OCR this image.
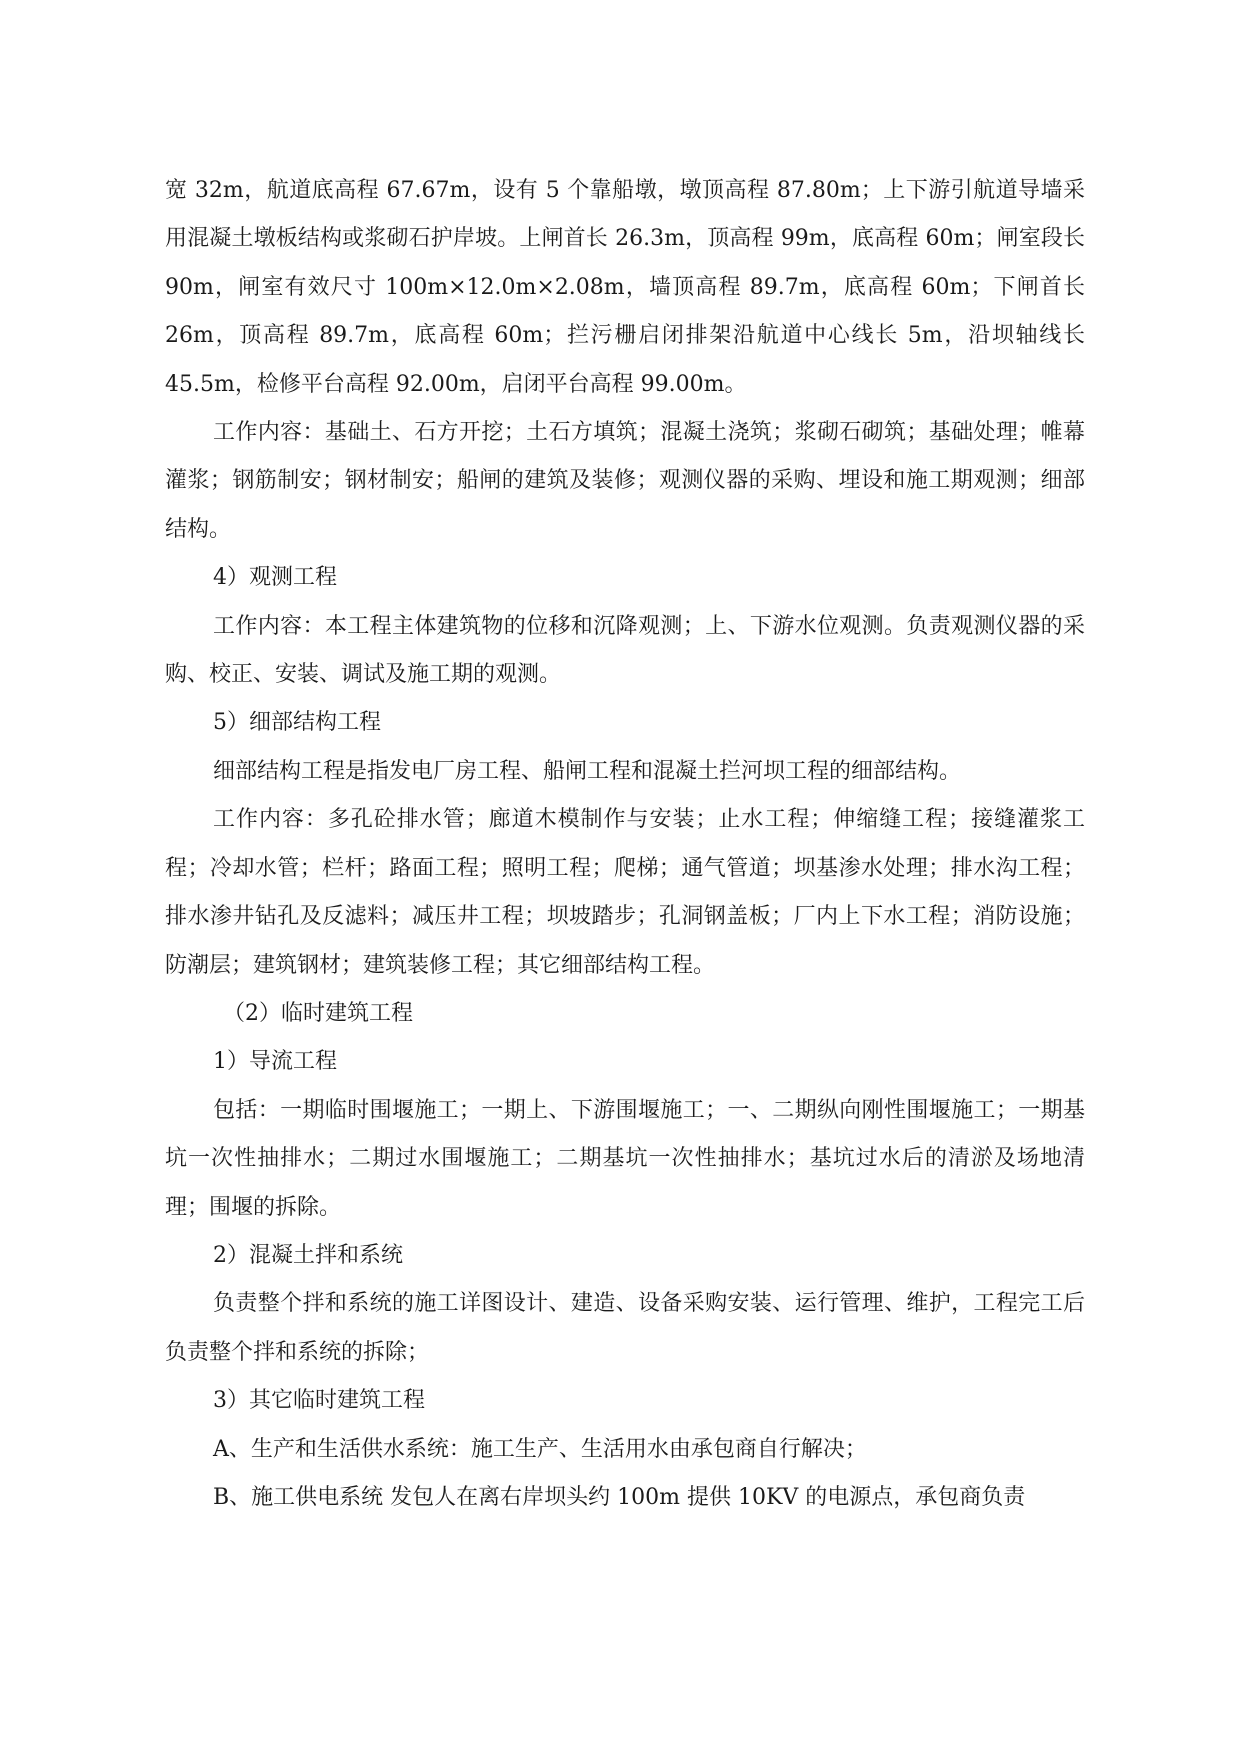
宽 32m，航道底高程 67.67m，设有 5 个靠船墩，墩顶高程 87.80m；上下游引航道导墙采用混凝土墩板结构或浆砌石护岸坡。上闸首长 26.3m，顶高程 99m，底高程 60m；闸室段长 90m，闸室有效尺寸 100m×12.0m×2.08m，墙顶高程 89.7m，底高程 60m；下闸首长 26m，顶高程 89.7m，底高程 60m；拦污栅启闭排架沿航道中心线长 5m，沿坝轴线长 45.5m，检修平台高程 92.00m，启闭平台高程 99.00m。

工作内容：基础土、石方开挖；土石方填筑；混凝土浇筑；浆砌石砌筑；基础处理；帷幕灌浆；钢筋制安；钢材制安；船闸的建筑及装修；观测仪器的采购、埋设和施工期观测；细部结构。

4）观测工程

工作内容：本工程主体建筑物的位移和沉降观测；上、下游水位观测。负责观测仪器的采购、校正、安装、调试及施工期的观测。

5）细部结构工程

细部结构工程是指发电厂房工程、船闸工程和混凝土拦河坝工程的细部结构。

工作内容：多孔砼排水管；廊道木模制作与安装；止水工程；伸缩缝工程；接缝灌浆工程；冷却水管；栏杆；路面工程；照明工程；爬梯；通气管道；坝基渗水处理；排水沟工程；排水渗井钻孔及反滤料；减压井工程；坝坡踏步；孔洞钢盖板；厂内上下水工程；消防设施；防潮层；建筑钢材；建筑装修工程；其它细部结构工程。

（2）临时建筑工程

1）导流工程

包括：一期临时围堰施工；一期上、下游围堰施工；一、二期纵向刚性围堰施工；一期基坑一次性抽排水；二期过水围堰施工；二期基坑一次性抽排水；基坑过水后的清淤及场地清理；围堰的拆除。

2）混凝土拌和系统

负责整个拌和系统的施工详图设计、建造、设备采购安装、运行管理、维护，工程完工后负责整个拌和系统的拆除；

3）其它临时建筑工程

A、生产和生活供水系统：施工生产、生活用水由承包商自行解决；

B、施工供电系统 发包人在离右岸坝头约 100m 提供 10KV 的电源点，承包商负责
